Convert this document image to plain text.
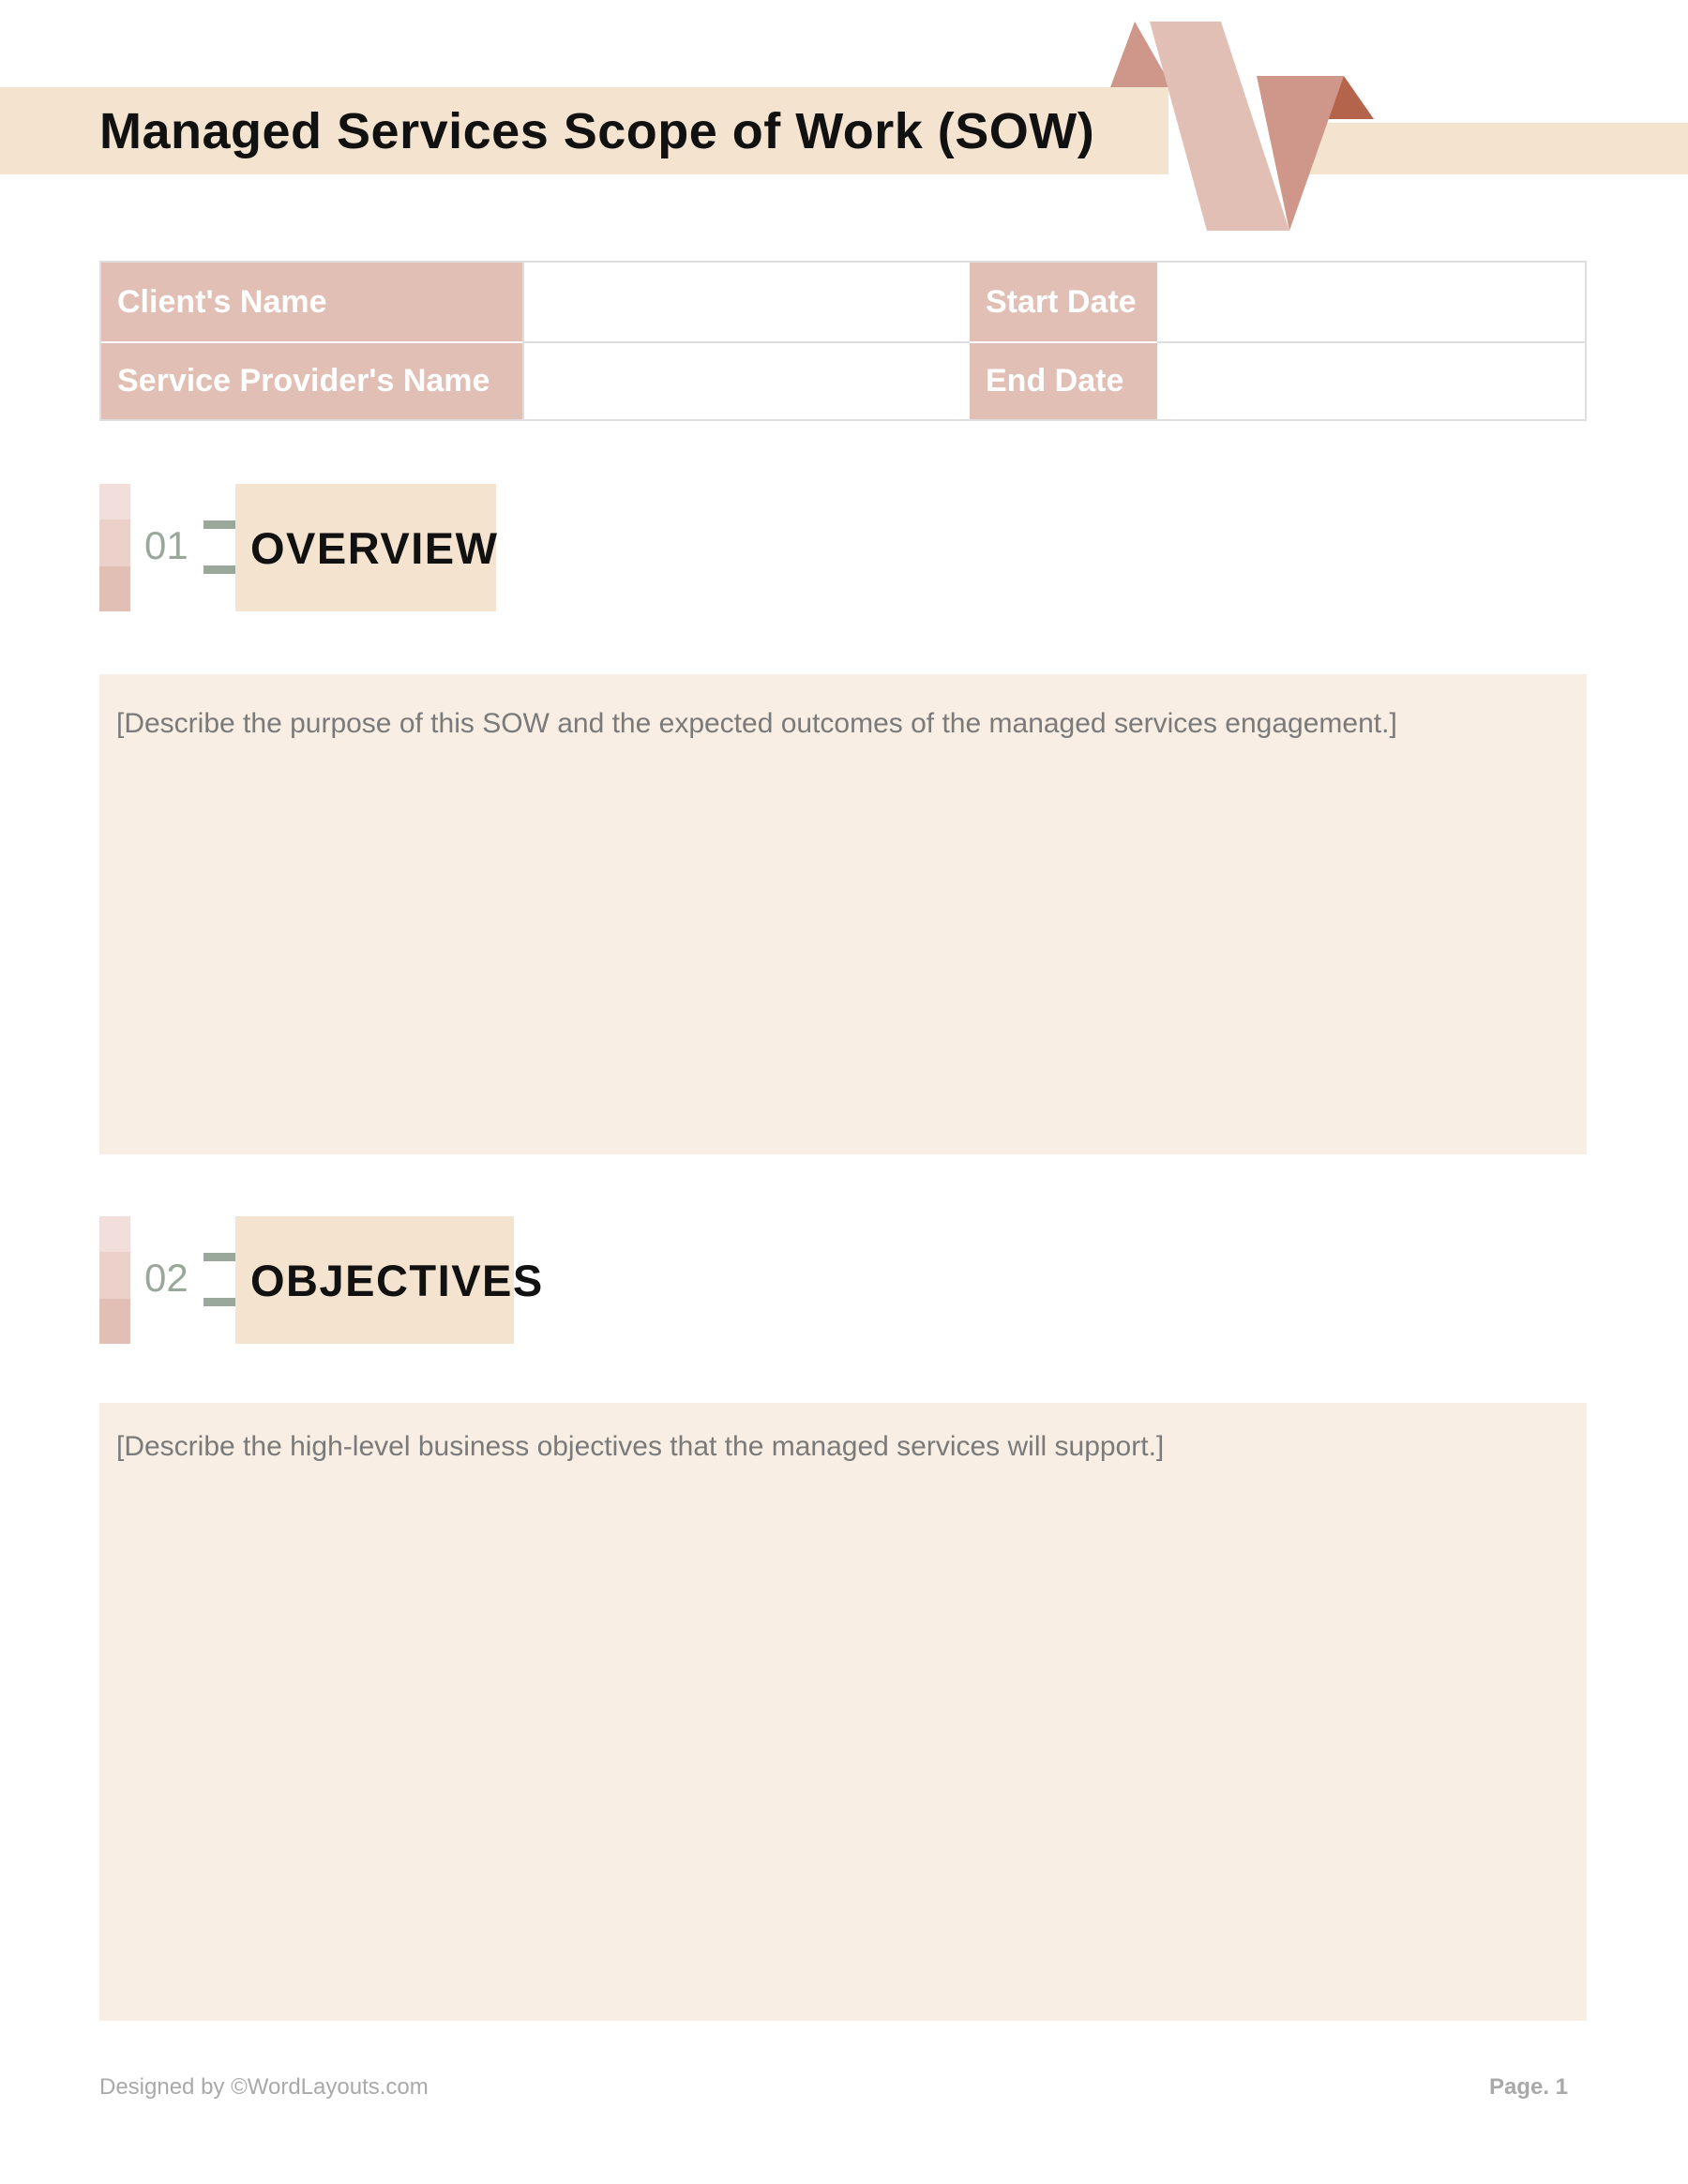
Managed Services Scope of Work (SOW)
Client's Name	Start Date
Service Provider's Name	End Date
01 OVERVIEW
[Describe the purpose of this SOW and the expected outcomes of the managed services engagement.]
02 OBJECTIVES
[Describe the high-level business objectives that the managed services will support.]
Designed by ©WordLayouts.com	Page. 1
